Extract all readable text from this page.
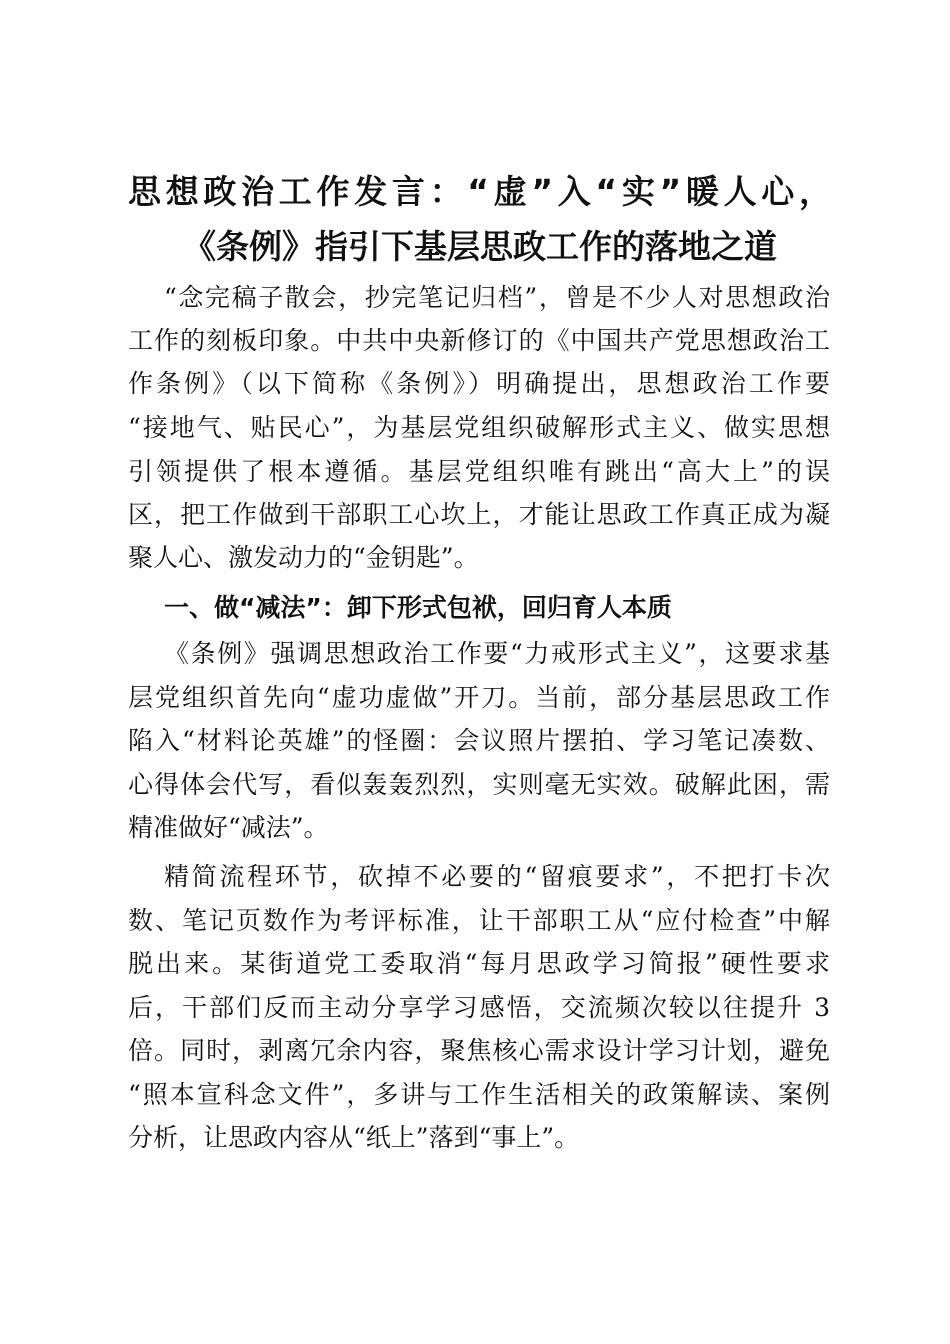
思想政治工作发言：“虚”入“实”暖人心，
《条例》指引下基层思政工作的落地之道
“念完稿子散会，抄完笔记归档”，曾是不少人对思想政治
工作的刻板印象。中共中央新修订的《中国共产党思想政治工
作条例》（以下简称《条例》）明确提出，思想政治工作要
“接地气、贴民心”，为基层党组织破解形式主义、做实思想
引领提供了根本遵循。基层党组织唯有跳出“高大上”的误
区，把工作做到干部职工心坎上，才能让思政工作真正成为凝
聚人心、激发动力的“金钥匙”。
一、做“减法”：卸下形式包袱，回归育人本质
《条例》强调思想政治工作要“力戒形式主义”，这要求基
层党组织首先向“虚功虚做”开刀。当前，部分基层思政工作
陷入“材料论英雄”的怪圈：会议照片摆拍、学习笔记凑数、
心得体会代写，看似轰轰烈烈，实则毫无实效。破解此困，需
精准做好“减法”。
精简流程环节，砍掉不必要的“留痕要求”，不把打卡次
数、笔记页数作为考评标准，让干部职工从“应付检查”中解
脱出来。某街道党工委取消“每月思政学习简报”硬性要求
后，干部们反而主动分享学习感悟，交流频次较以往提升 3
倍。同时，剥离冗余内容，聚焦核心需求设计学习计划，避免
“照本宣科念文件”，多讲与工作生活相关的政策解读、案例
分析，让思政内容从“纸上”落到“事上”。
